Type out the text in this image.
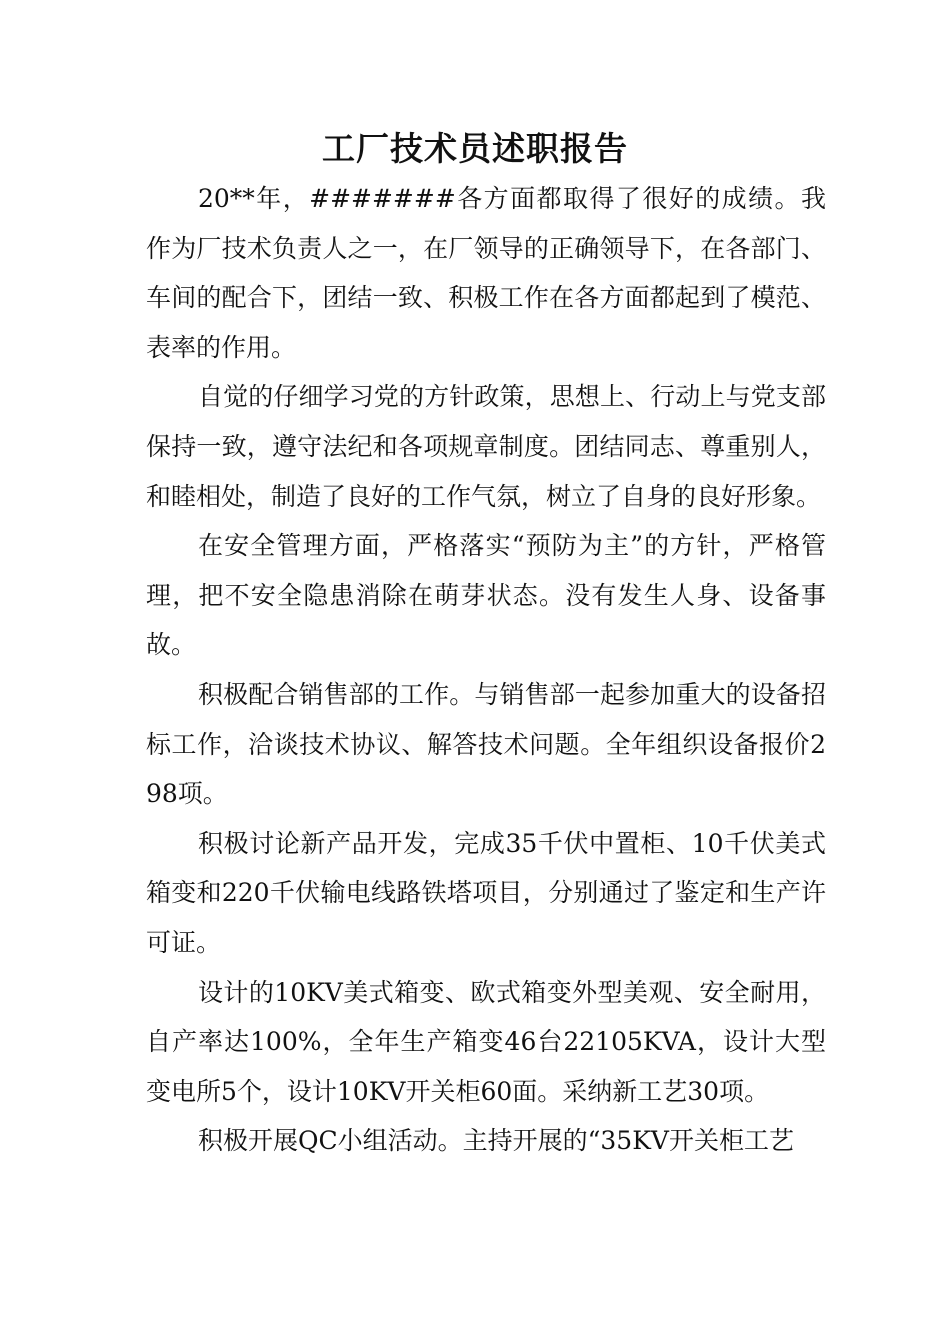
工厂技术员述职报告

20**年，#######各方面都取得了很好的成绩。我作为厂技术负责人之一，在厂领导的正确领导下，在各部门、车间的配合下，团结一致、积极工作在各方面都起到了模范、表率的作用。

自觉的仔细学习党的方针政策，思想上、行动上与党支部保持一致，遵守法纪和各项规章制度。团结同志、尊重别人，和睦相处，制造了良好的工作气氛，树立了自身的良好形象。

在安全管理方面，严格落实“预防为主”的方针，严格管理，把不安全隐患消除在萌芽状态。没有发生人身、设备事故。

积极配合销售部的工作。与销售部一起参加重大的设备招标工作，洽谈技术协议、解答技术问题。全年组织设备报价298项。

积极讨论新产品开发，完成35千伏中置柜、10千伏美式箱变和220千伏输电线路铁塔项目，分别通过了鉴定和生产许可证。

设计的10KV美式箱变、欧式箱变外型美观、安全耐用，自产率达100%，全年生产箱变46台22105KVA，设计大型变电所5个，设计10KV开关柜60面。采纳新工艺30项。

积极开展QC小组活动。主持开展的“35KV开关柜工艺
